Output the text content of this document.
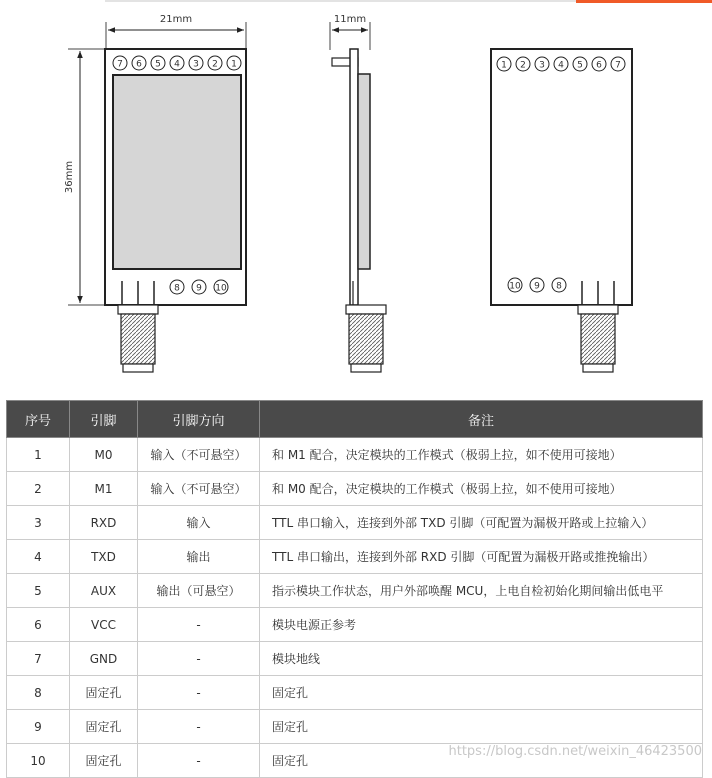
21mm
36mm
7 6 5 4 3 2 1
8 9 10
11mm
1 2 3 4 5 6 7
10 9 8
序号	引脚	引脚方向	备注
1	M0	输入（不可悬空）	和 M1 配合，决定模块的工作模式（极弱上拉，如不使用可接地）
2	M1	输入（不可悬空）	和 M0 配合，决定模块的工作模式（极弱上拉，如不使用可接地）
3	RXD	输入	TTL 串口输入，连接到外部 TXD 引脚（可配置为漏极开路或上拉输入）
4	TXD	输出	TTL 串口输出，连接到外部 RXD 引脚（可配置为漏极开路或推挽输出）
5	AUX	输出（可悬空）	指示模块工作状态，用户外部唤醒 MCU，上电自检初始化期间输出低电平
6	VCC	-	模块电源正参考
7	GND	-	模块地线
8	固定孔	-	固定孔
9	固定孔	-	固定孔
10	固定孔	-	固定孔
https://blog.csdn.net/weixin_46423500
